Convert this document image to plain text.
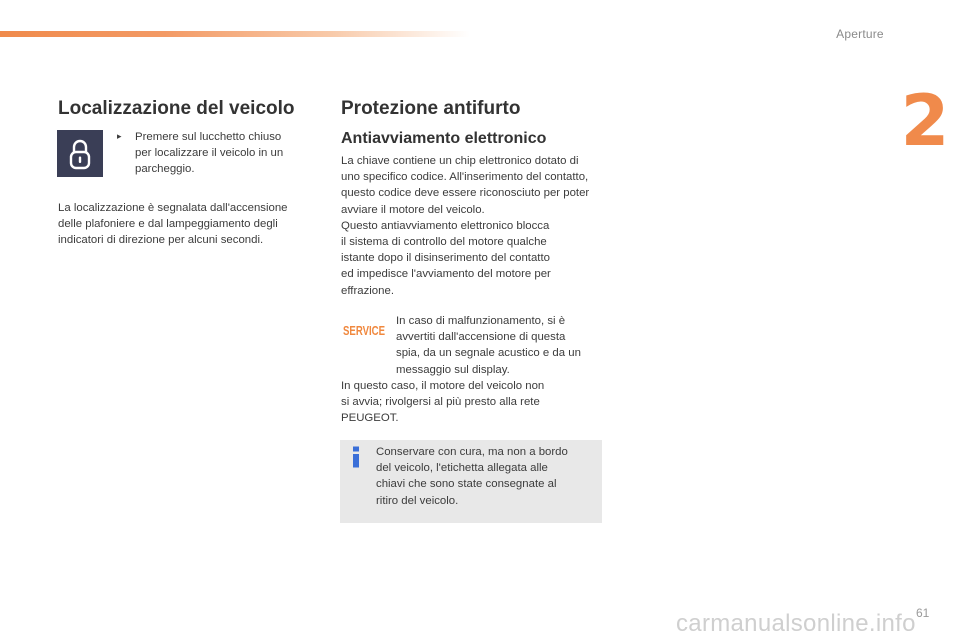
Aperture
2
Localizzazione del veicolo
▸ Premere sul lucchetto chiuso
per localizzare il veicolo in un
parcheggio.
La localizzazione è segnalata dall'accensione
delle plafoniere e dal lampeggiamento degli
indicatori di direzione per alcuni secondi.
Protezione antifurto
Antiavviamento elettronico
La chiave contiene un chip elettronico dotato di
uno specifico codice. All'inserimento del contatto,
questo codice deve essere riconosciuto per poter
avviare il motore del veicolo.
Questo antiavviamento elettronico blocca
il sistema di controllo del motore qualche
istante dopo il disinserimento del contatto
ed impedisce l'avviamento del motore per
effrazione.
SERVICE
In caso di malfunzionamento, si è
avvertiti dall'accensione di questa
spia, da un segnale acustico e da un
messaggio sul display.
In questo caso, il motore del veicolo non
si avvia; rivolgersi al più presto alla rete
PEUGEOT.
Conservare con cura, ma non a bordo
del veicolo, l'etichetta allegata alle
chiavi che sono state consegnate al
ritiro del veicolo.
carmanualsonline.info 61
